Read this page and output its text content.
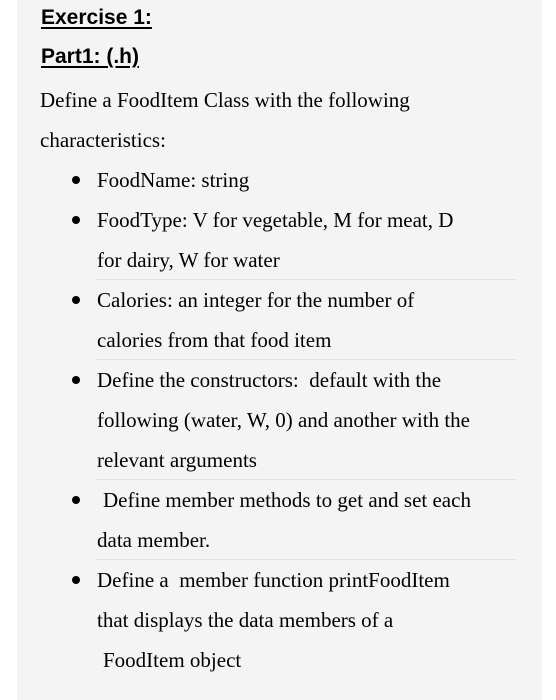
Exercise 1:
Part1: (.h)

Define a FoodItem Class with the following
characteristics:

FoodName: string
FoodType: V for vegetable, M for meat, D
for dairy, W for water
Calories: an integer for the number of
calories from that food item
Define the constructors:  default with the
following (water, W, 0) and another with the
relevant arguments
Define member methods to get and set each
data member.
Define a  member function printFoodItem
that displays the data members of a
FoodItem object
